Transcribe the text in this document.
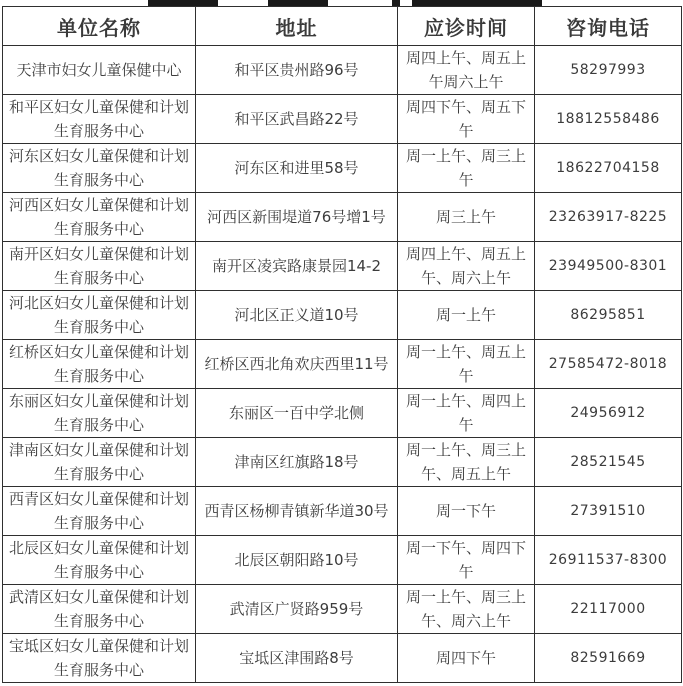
单位名称	地址	应诊时间	咨询电话
天津市妇女儿童保健中心	和平区贵州路96号	周四上午、周五上午周六上午	58297993
和平区妇女儿童保健和计划生育服务中心	和平区武昌路22号	周四下午、周五下午	18812558486
河东区妇女儿童保健和计划生育服务中心	河东区和进里58号	周一上午、周三上午	18622704158
河西区妇女儿童保健和计划生育服务中心	河西区新围堤道76号增1号	周三上午	23263917-8225
南开区妇女儿童保健和计划生育服务中心	南开区凌宾路康景园14-2	周四上午、周五上午、周六上午	23949500-8301
河北区妇女儿童保健和计划生育服务中心	河北区正义道10号	周一上午	86295851
红桥区妇女儿童保健和计划生育服务中心	红桥区西北角欢庆西里11号	周一上午、周五上午	27585472-8018
东丽区妇女儿童保健和计划生育服务中心	东丽区一百中学北侧	周一上午、周四上午	24956912
津南区妇女儿童保健和计划生育服务中心	津南区红旗路18号	周一上午、周三上午、周五上午	28521545
西青区妇女儿童保健和计划生育服务中心	西青区杨柳青镇新华道30号	周一下午	27391510
北辰区妇女儿童保健和计划生育服务中心	北辰区朝阳路10号	周一下午、周四下午	26911537-8300
武清区妇女儿童保健和计划生育服务中心	武清区广贤路959号	周一上午、周三上午、周六上午	22117000
宝坻区妇女儿童保健和计划生育服务中心	宝坻区津围路8号	周四下午	82591669
